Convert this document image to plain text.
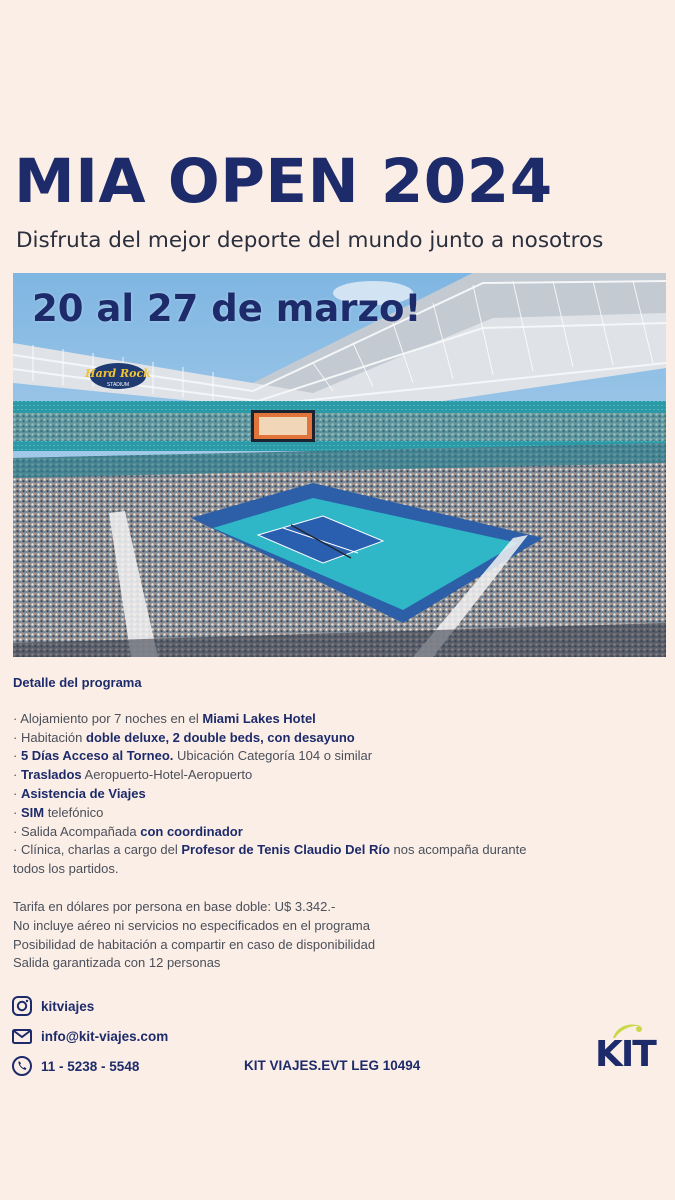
MIA OPEN 2024
Disfruta del mejor deporte del mundo junto a nosotros
Hard Rock
STADIUM
20 al 27 de marzo!
Detalle del programa
· Alojamiento por 7 noches en el Miami Lakes Hotel
· Habitación doble deluxe, 2 double beds, con desayuno
· 5 Días Acceso al Torneo. Ubicación Categoría 104 o similar
· Traslados Aeropuerto-Hotel-Aeropuerto
· Asistencia de Viajes
· SIM telefónico
· Salida Acompañada con coordinador
· Clínica, charlas a cargo del Profesor de Tenis Claudio Del Río nos acompaña durante
todos los partidos.
Tarifa en dólares por persona en base doble: U$ 3.342.-
No incluye aéreo ni servicios no especificados en el programa
Posibilidad de habitación a compartir en caso de disponibilidad
Salida garantizada con 12 personas
kitviajes
info@kit-viajes.com
11 - 5238 - 5548	KIT VIAJES.EVT LEG 10494	KIT
